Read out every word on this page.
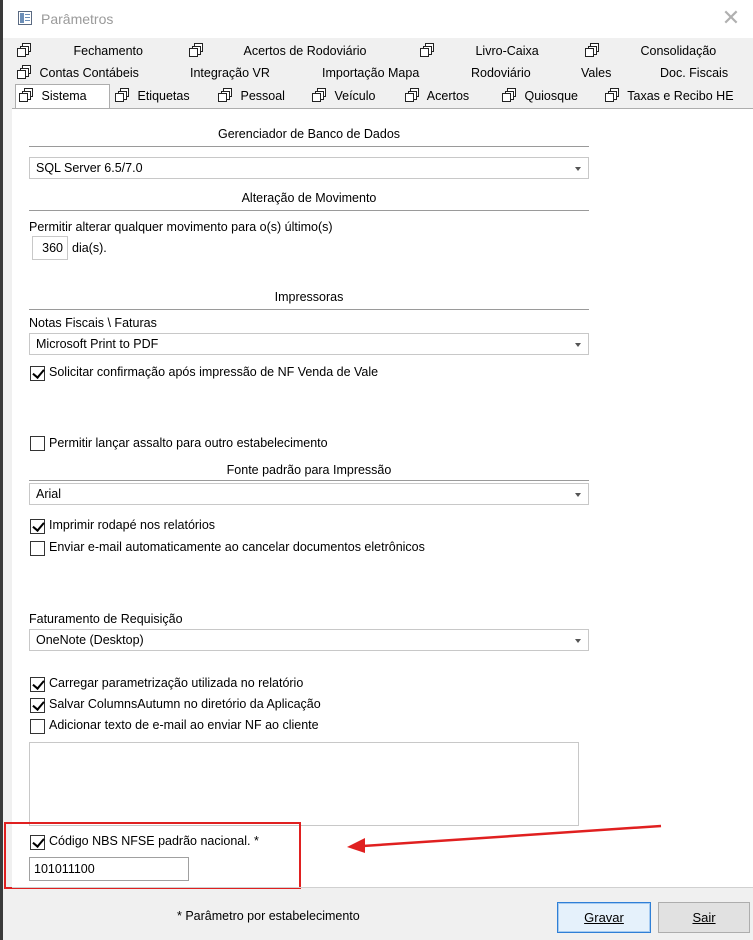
Parâmetros	✕
Fechamento	Acertos de Rodoviário	Livro-Caixa	Consolidação
Contas Contábeis	Integração VR	Importação Mapa	Rodoviário	Vales	Doc. Fiscais
Sistema	Etiquetas	Pessoal	Veículo	Acertos	Quiosque	Taxas e Recibo HE
Gerenciador de Banco de Dados
SQL Server 6.5/7.0
Alteração de Movimento
Permitir alterar qualquer movimento para o(s) último(s)
360 dia(s).
Impressoras
Notas Fiscais \ Faturas
Microsoft Print to PDF
Solicitar confirmação após impressão de NF Venda de Vale
Permitir lançar assalto para outro estabelecimento
Fonte padrão para Impressão
Arial
Imprimir rodapé nos relatórios
Enviar e-mail automaticamente ao cancelar documentos eletrônicos
Faturamento de Requisição
OneNote (Desktop)
Carregar parametrização utilizada no relatório
Salvar ColumnsAutumn no diretório da Aplicação
Adicionar texto de e-mail ao enviar NF ao cliente
Código NBS NFSE padrão nacional. *
101011100
* Parâmetro por estabelecimento	Gravar	Sair
